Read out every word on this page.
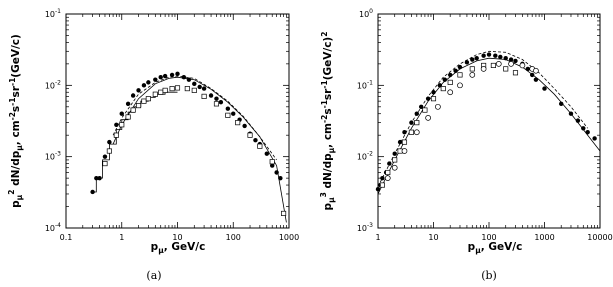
0.1	1	10	100	1000
$10^{-4}$
$10^{-3}$
$10^{-2}$
$10^{-1}$
$p_\mu$, GeV/c
$p_\mu^2$ $dN/dp_\mu$, $cm^{-2}s^{-1}sr^{-1}(GeV/c)$
(a)
1	10	100	1000	10000
$10^{-3}$
$10^{-2}$
$10^{-1}$
$10^0$
$p_\mu$, GeV/c
$p_\mu^3$ $dN/dp_\mu$, $cm^{-2}s^{-1}sr^{-1}(GeV/c)^2$
(b)
